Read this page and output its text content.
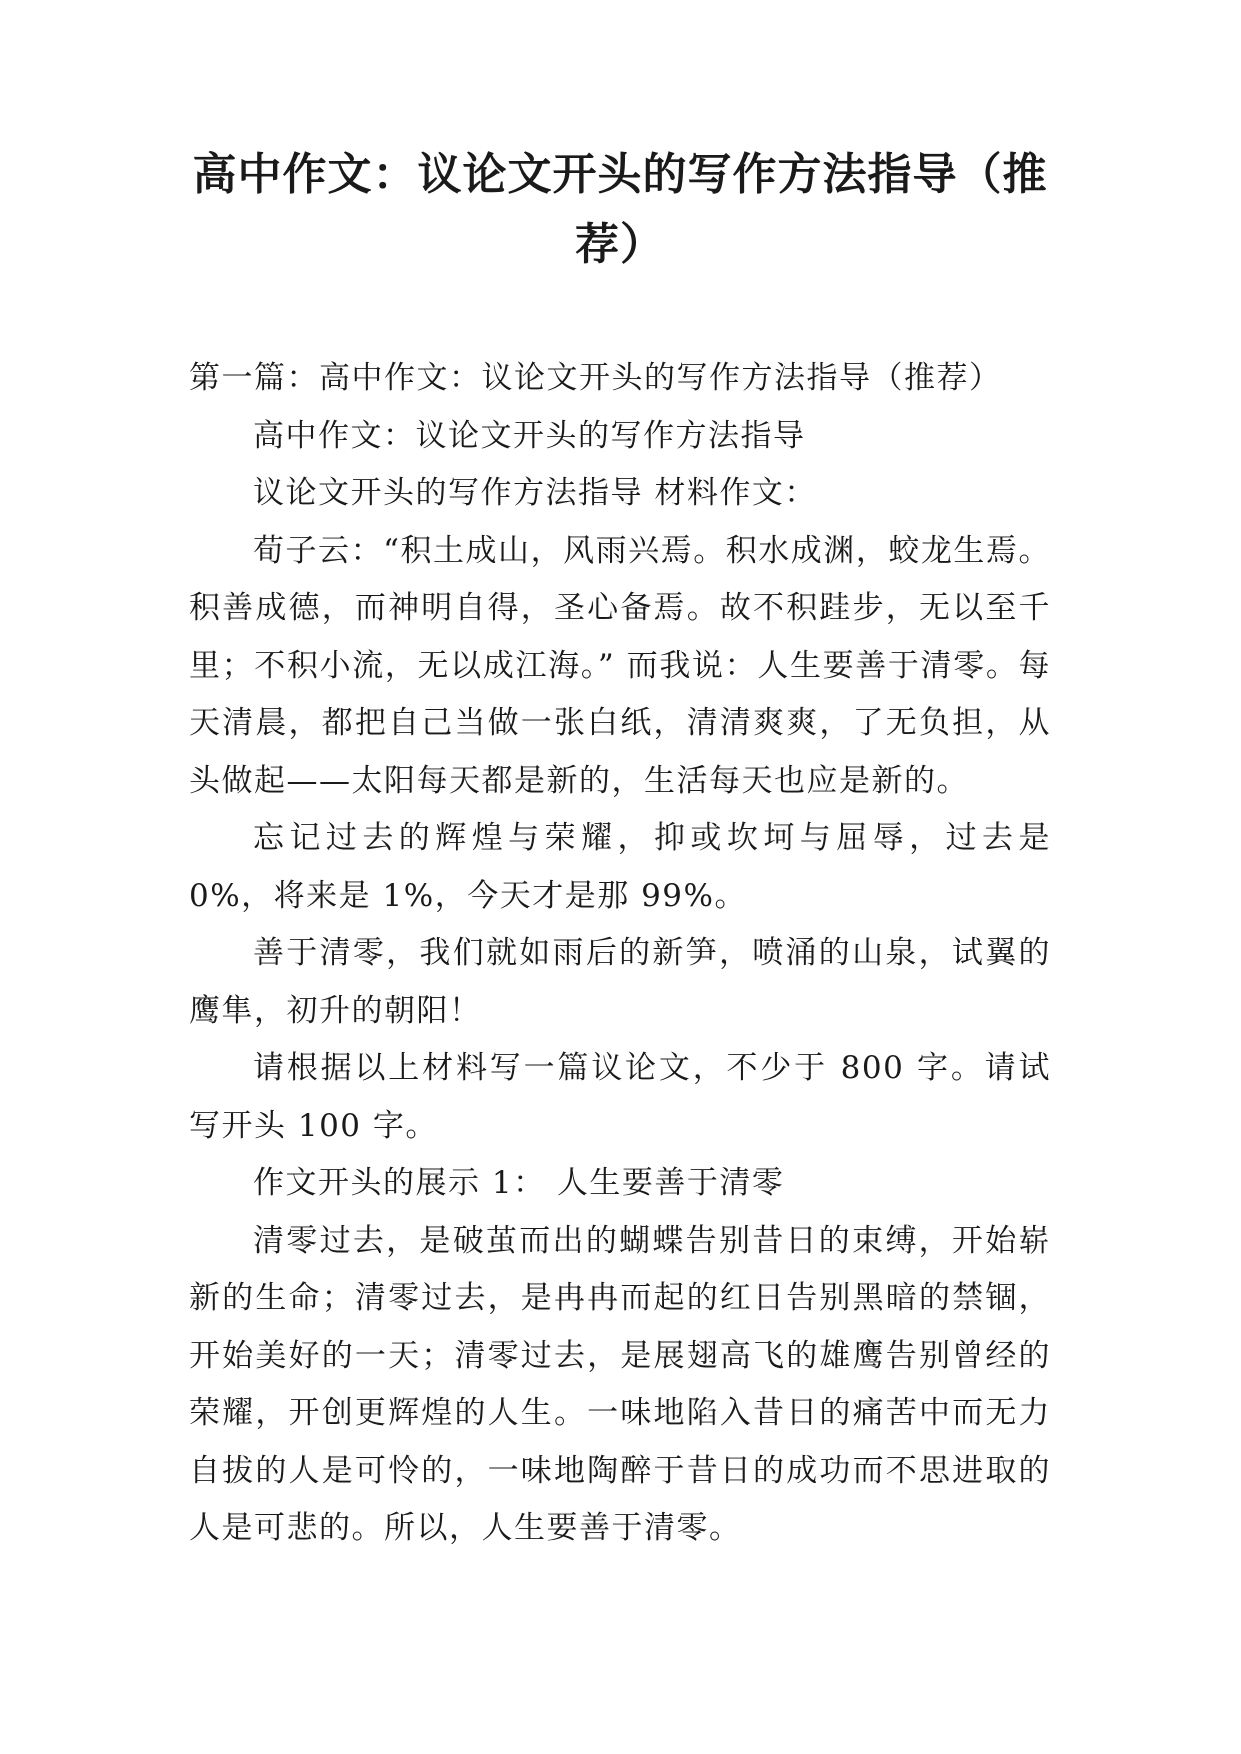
高中作文：议论文开头的写作方法指导（推
荐）

第一篇：高中作文：议论文开头的写作方法指导（推荐）

高中作文：议论文开头的写作方法指导

议论文开头的写作方法指导 材料作文：

荀子云：“积土成山，风雨兴焉。积水成渊，蛟龙生焉。积善成德，而神明自得，圣心备焉。故不积跬步，无以至千里；不积小流，无以成江海。” 而我说：人生要善于清零。每天清晨，都把自己当做一张白纸，清清爽爽，了无负担，从头做起——太阳每天都是新的，生活每天也应是新的。

忘记过去的辉煌与荣耀，抑或坎坷与屈辱，过去是 0%，将来是 1%，今天才是那 99%。

善于清零，我们就如雨后的新笋，喷涌的山泉，试翼的鹰隼，初升的朝阳！

请根据以上材料写一篇议论文，不少于 800 字。请试写开头 100 字。

作文开头的展示 1： 人生要善于清零

清零过去，是破茧而出的蝴蝶告别昔日的束缚，开始崭新的生命；清零过去，是冉冉而起的红日告别黑暗的禁锢，开始美好的一天；清零过去，是展翅高飞的雄鹰告别曾经的荣耀，开创更辉煌的人生。一味地陷入昔日的痛苦中而无力自拔的人是可怜的，一味地陶醉于昔日的成功而不思进取的人是可悲的。所以，人生要善于清零。
